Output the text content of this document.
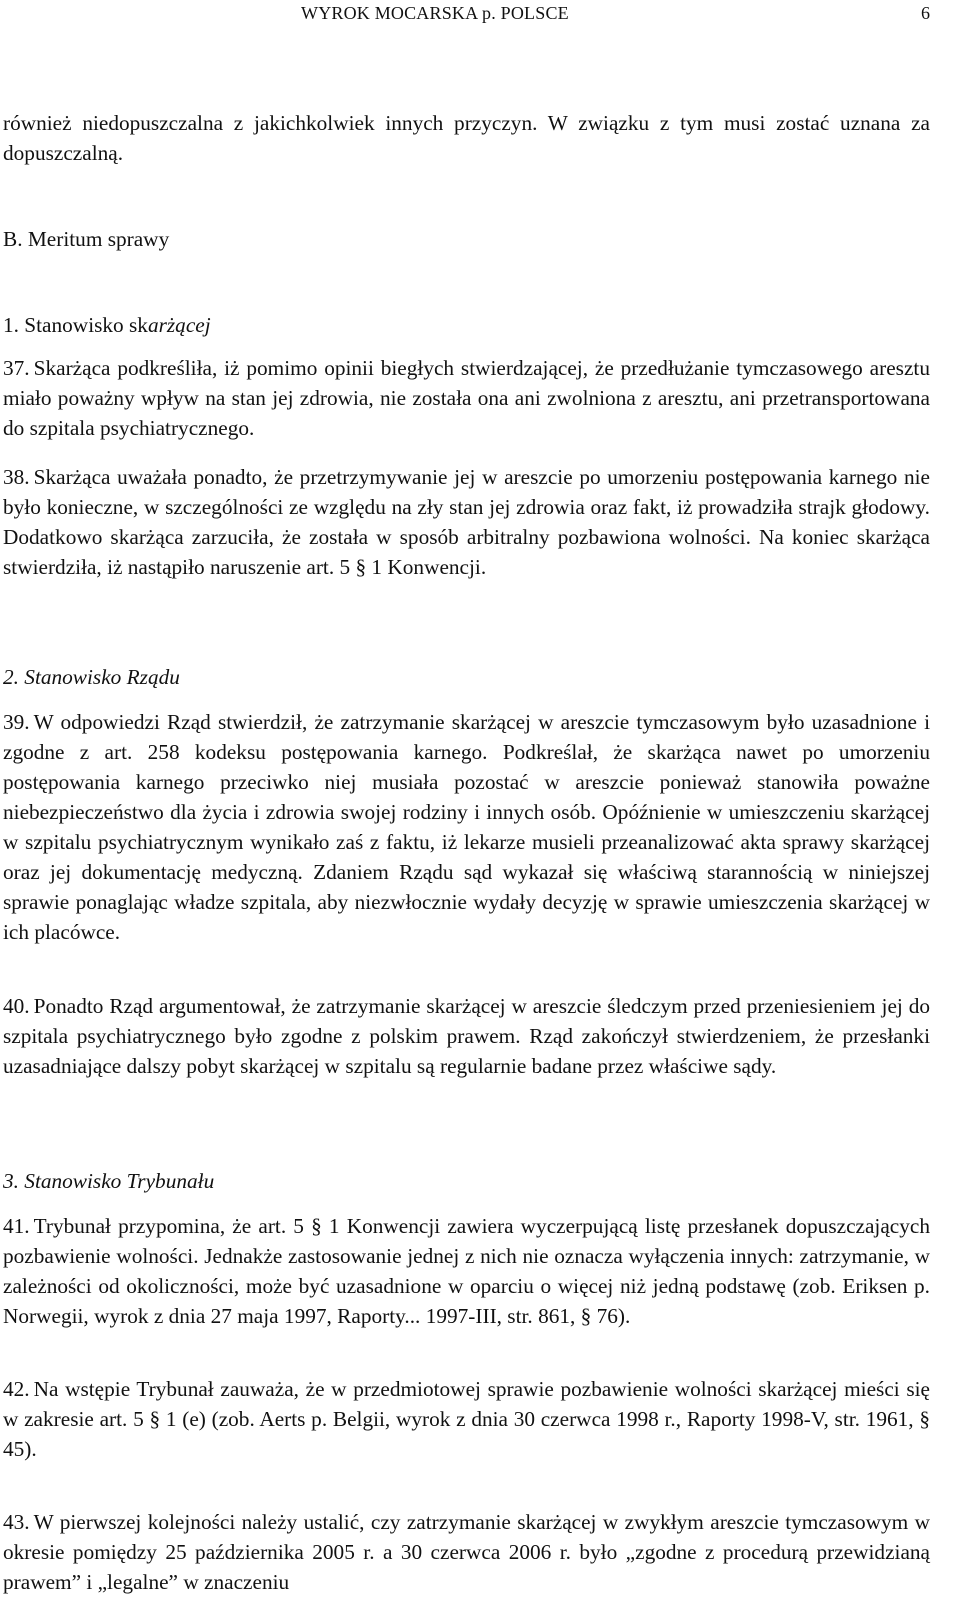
WYROK MOCARSKA p. POLSCE	6
również niedopuszczalna z jakichkolwiek innych przyczyn. W związku z tym musi zostać uznana za dopuszczalną.
B. Meritum sprawy
1. Stanowisko skarżącej
37. Skarżąca podkreśliła, iż pomimo opinii biegłych stwierdzającej, że przedłużanie tymczasowego aresztu miało poważny wpływ na stan jej zdrowia, nie została ona ani zwolniona z aresztu, ani przetransportowana do szpitala psychiatrycznego.
38. Skarżąca uważała ponadto, że przetrzymywanie jej w areszcie po umorzeniu postępowania karnego nie było konieczne, w szczególności ze względu na zły stan jej zdrowia oraz fakt, iż prowadziła strajk głodowy. Dodatkowo skarżąca zarzuciła, że została w sposób arbitralny pozbawiona wolności. Na koniec skarżąca stwierdziła, iż nastąpiło naruszenie art. 5 § 1 Konwencji.
2. Stanowisko Rządu
39. W odpowiedzi Rząd stwierdził, że zatrzymanie skarżącej w areszcie tymczasowym było uzasadnione i zgodne z art. 258 kodeksu postępowania karnego. Podkreślał, że skarżąca nawet po umorzeniu postępowania karnego przeciwko niej musiała pozostać w areszcie ponieważ stanowiła poważne niebezpieczeństwo dla życia i zdrowia swojej rodziny i innych osób. Opóźnienie w umieszczeniu skarżącej w szpitalu psychiatrycznym wynikało zaś z faktu, iż lekarze musieli przeanalizować akta sprawy skarżącej oraz jej dokumentację medyczną. Zdaniem Rządu sąd wykazał się właściwą starannością w niniejszej sprawie ponaglając władze szpitala, aby niezwłocznie wydały decyzję w sprawie umieszczenia skarżącej w ich placówce.
40. Ponadto Rząd argumentował, że zatrzymanie skarżącej w areszcie śledczym przed przeniesieniem jej do szpitala psychiatrycznego było zgodne z polskim prawem. Rząd zakończył stwierdzeniem, że przesłanki uzasadniające dalszy pobyt skarżącej w szpitalu są regularnie badane przez właściwe sądy.
3. Stanowisko Trybunału
41. Trybunał przypomina, że art. 5 § 1 Konwencji zawiera wyczerpującą listę przesłanek dopuszczających pozbawienie wolności. Jednakże zastosowanie jednej z nich nie oznacza wyłączenia innych: zatrzymanie, w zależności od okoliczności, może być uzasadnione w oparciu o więcej niż jedną podstawę (zob. Eriksen p. Norwegii, wyrok z dnia 27 maja 1997, Raporty... 1997-III, str. 861, § 76).
42. Na wstępie Trybunał zauważa, że w przedmiotowej sprawie pozbawienie wolności skarżącej mieści się w zakresie art. 5 § 1 (e) (zob. Aerts p. Belgii, wyrok z dnia 30 czerwca 1998 r., Raporty 1998-V, str. 1961, § 45).
43. W pierwszej kolejności należy ustalić, czy zatrzymanie skarżącej w zwykłym areszcie tymczasowym w okresie pomiędzy 25 października 2005 r. a 30 czerwca 2006 r. było „zgodne z procedurą przewidzianą prawem” i „legalne” w znaczeniu
